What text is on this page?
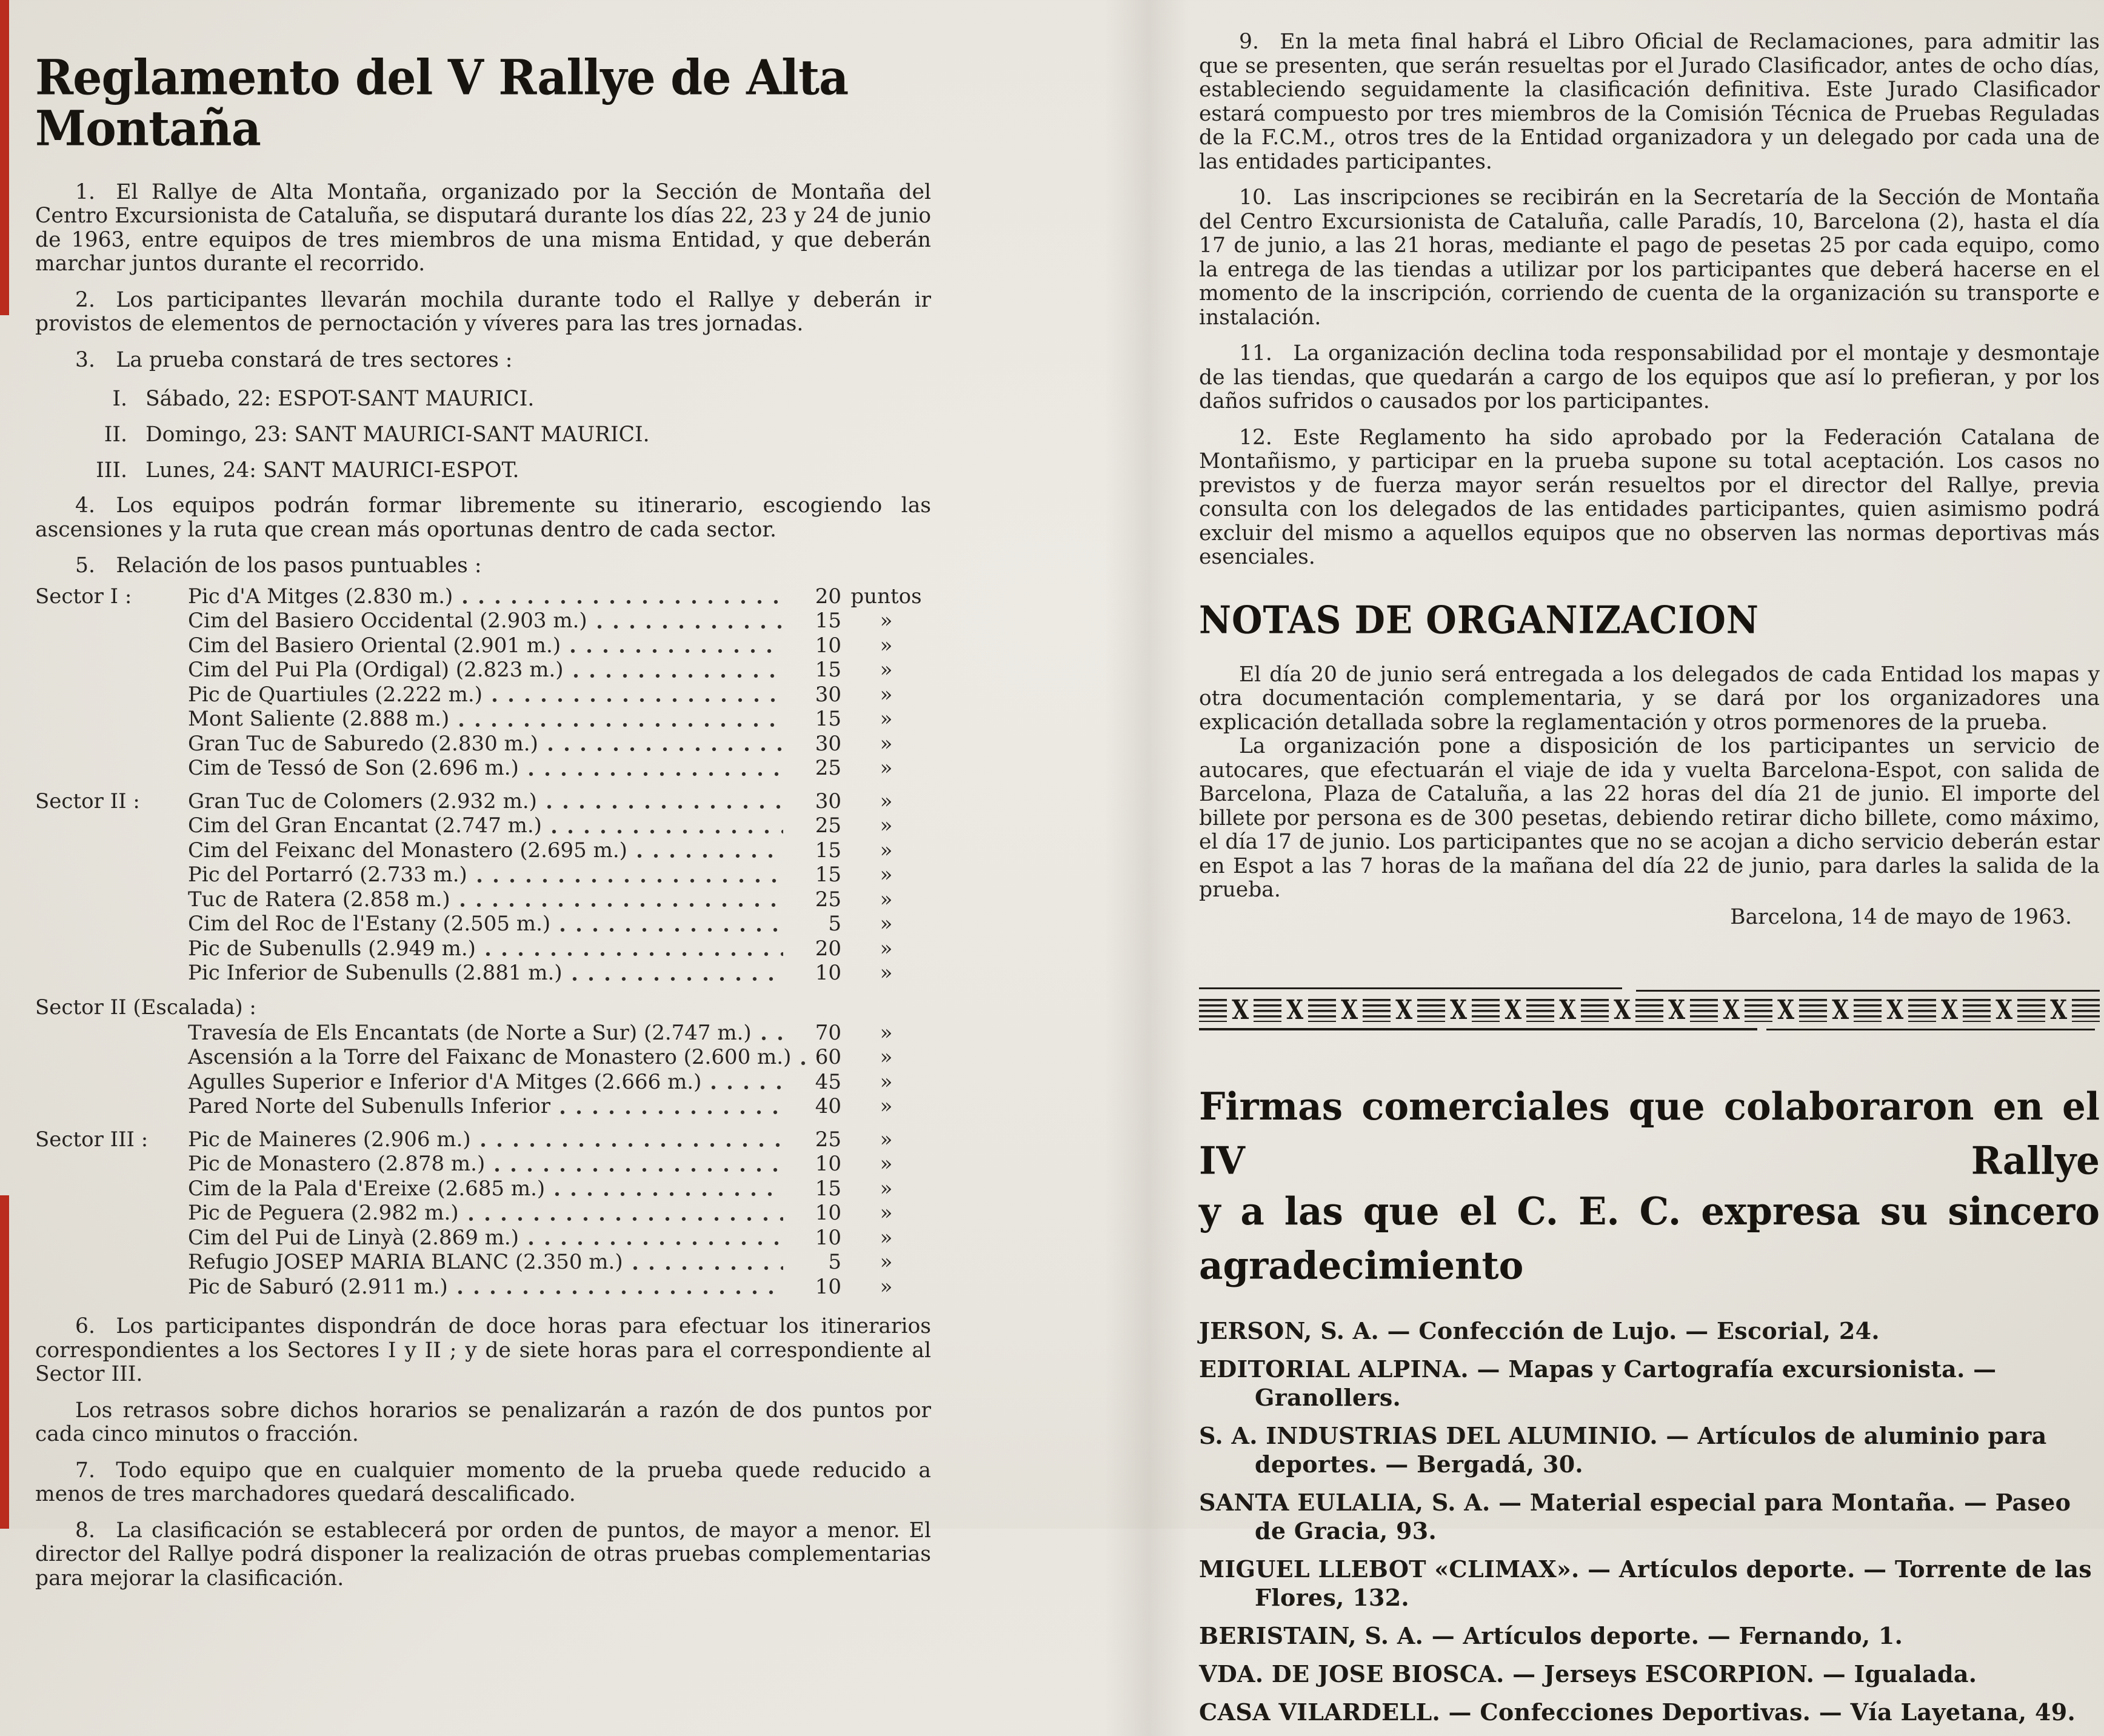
Reglamento del V Rallye de Alta Montaña

1.  El Rallye de Alta Montaña, organizado por la Sección de Montaña del Centro Excursionista de Cataluña, se disputará durante los días 22, 23 y 24 de junio de 1963, entre equipos de tres miembros de una misma Entidad, y que deberán marchar juntos durante el recorrido.

2.  Los participantes llevarán mochila durante todo el Rallye y deberán ir provistos de elementos de pernoctación y víveres para las tres jornadas.

3.  La prueba constará de tres sectores :

I. Sábado, 22: ESPOT-SANT MAURICI.
II. Domingo, 23: SANT MAURICI-SANT MAURICI.
III. Lunes, 24: SANT MAURICI-ESPOT.

4.  Los equipos podrán formar libremente su itinerario, escogiendo las ascensiones y la ruta que crean más oportunas dentro de cada sector.

5.  Relación de los pasos puntuables :

Sector I :	Pic d'A Mitges (2.830 m.)	20 puntos
Cim del Basiero Occidental (2.903 m.)	15	»
Cim del Basiero Oriental (2.901 m.)	10	»
Cim del Pui Pla (Ordigal) (2.823 m.)	15	»
Pic de Quartiules (2.222 m.)	30	»
Mont Saliente (2.888 m.)	15	»
Gran Tuc de Saburedo (2.830 m.)	30	»
Cim de Tessó de Son (2.696 m.)	25	»
Sector II :	Gran Tuc de Colomers (2.932 m.)	30	»
Cim del Gran Encantat (2.747 m.)	25	»
Cim del Feixanc del Monastero (2.695 m.)	15	»
Pic del Portarró (2.733 m.)	15	»
Tuc de Ratera (2.858 m.)	25	»
Cim del Roc de l'Estany (2.505 m.)	5	»
Pic de Subenulls (2.949 m.)	20	»
Pic Inferior de Subenulls (2.881 m.)	10	»
Sector II (Escalada) :
Travesía de Els Encantats (de Norte a Sur) (2.747 m.)	70	»
Ascensión a la Torre del Faixanc de Monastero (2.600 m.)	60	»
Agulles Superior e Inferior d'A Mitges (2.666 m.)	45	»
Pared Norte del Subenulls Inferior	40	»
Sector III :	Pic de Maineres (2.906 m.)	25	»
Pic de Monastero (2.878 m.)	10	»
Cim de la Pala d'Ereixe (2.685 m.)	15	»
Pic de Peguera (2.982 m.)	10	»
Cim del Pui de Linyà (2.869 m.)	10	»
Refugio JOSEP MARIA BLANC (2.350 m.)	5	»
Pic de Saburó (2.911 m.)	10	»

6.  Los participantes dispondrán de doce horas para efectuar los itinerarios correspondientes a los Sectores I y II ; y de siete horas para el correspondiente al Sector III.

Los retrasos sobre dichos horarios se penalizarán a razón de dos puntos por cada cinco minutos o fracción.

7.  Todo equipo que en cualquier momento de la prueba quede reducido a menos de tres marchadores quedará descalificado.

8.  La clasificación se establecerá por orden de puntos, de mayor a menor. El director del Rallye podrá disponer la realización de otras pruebas complementarias para mejorar la clasificación.

9.  En la meta final habrá el Libro Oficial de Reclamaciones, para admitir las que se presenten, que serán resueltas por el Jurado Clasificador, antes de ocho días, estableciendo seguidamente la clasificación definitiva. Este Jurado Clasificador estará compuesto por tres miembros de la Comisión Técnica de Pruebas Reguladas de la F.C.M., otros tres de la Entidad organizadora y un delegado por cada una de las entidades participantes.

10.  Las inscripciones se recibirán en la Secretaría de la Sección de Montaña del Centro Excursionista de Cataluña, calle Paradís, 10, Barcelona (2), hasta el día 17 de junio, a las 21 horas, mediante el pago de pesetas 25 por cada equipo, como la entrega de las tiendas a utilizar por los participantes que deberá hacerse en el momento de la inscripción, corriendo de cuenta de la organización su transporte e instalación.

11.  La organización declina toda responsabilidad por el montaje y desmontaje de las tiendas, que quedarán a cargo de los equipos que así lo prefieran, y por los daños sufridos o causados por los participantes.

12.  Este Reglamento ha sido aprobado por la Federación Catalana de Montañismo, y participar en la prueba supone su total aceptación. Los casos no previstos y de fuerza mayor serán resueltos por el director del Rallye, previa consulta con los delegados de las entidades participantes, quien asimismo podrá excluir del mismo a aquellos equipos que no observen las normas deportivas más esenciales.

NOTAS DE ORGANIZACION

El día 20 de junio será entregada a los delegados de cada Entidad los mapas y otra documentación complementaria, y se dará por los organizadores una explicación detallada sobre la reglamentación y otros pormenores de la prueba.

La organización pone a disposición de los participantes un servicio de autocares, que efectuarán el viaje de ida y vuelta Barcelona-Espot, con salida de Barcelona, Plaza de Cataluña, a las 22 horas del día 21 de junio. El importe del billete por persona es de 300 pesetas, debiendo retirar dicho billete, como máximo, el día 17 de junio. Los participantes que no se acojan a dicho servicio deberán estar en Espot a las 7 horas de la mañana del día 22 de junio, para darles la salida de la prueba.

Barcelona, 14 de mayo de 1963.

X X X X X X X X X X X X X X X X
Firmas comerciales que colaboraron en el IV Rallye
y a las que el C. E. C. expresa su sincero agradecimiento

JERSON, S. A. — Confección de Lujo. — Escorial, 24.

EDITORIAL ALPINA. — Mapas y Cartografía excursionista. — Granollers.

S. A. INDUSTRIAS DEL ALUMINIO. — Artículos de aluminio para deportes. — Bergadá, 30.

SANTA EULALIA, S. A. — Material especial para Montaña. — Paseo de Gracia, 93.

MIGUEL LLEBOT «CLIMAX». — Artículos deporte. — Torrente de las Flores, 132.

BERISTAIN, S. A. — Artículos deporte. — Fernando, 1.

VDA. DE JOSE BIOSCA. — Jerseys ESCORPION. — Igualada.

CASA VILARDELL. — Confecciones Deportivas. — Vía Layetana, 49.
